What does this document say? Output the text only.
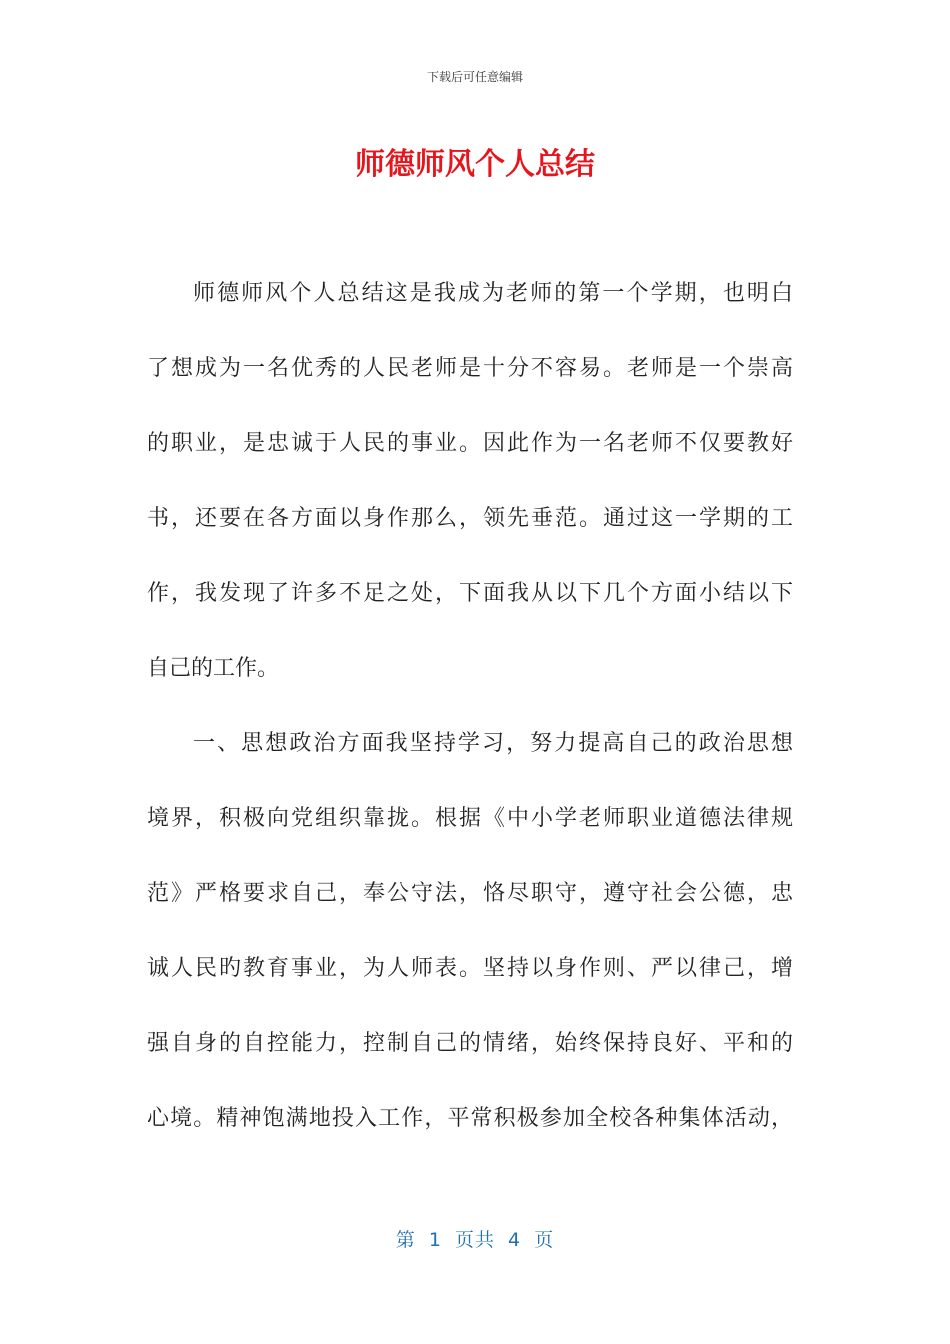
下载后可任意编辑
师德师风个人总结
师德师风个人总结这是我成为老师的第一个学期，也明白
了想成为一名优秀的人民老师是十分不容易。老师是一个崇高
的职业，是忠诚于人民的事业。因此作为一名老师不仅要教好
书，还要在各方面以身作那么，领先垂范。通过这一学期的工
作，我发现了许多不足之处，下面我从以下几个方面小结以下
自己的工作。
一、思想政治方面我坚持学习，努力提高自己的政治思想
境界，积极向党组织靠拢。根据《中小学老师职业道德法律规
范》严格要求自己，奉公守法，恪尽职守，遵守社会公德，忠
诚人民旳教育事业，为人师表。坚持以身作则、严以律己，增
强自身的自控能力，控制自己的情绪，始终保持良好、平和的
心境。精神饱满地投入工作，平常积极参加全校各种集体活动，
第 1 页共 4 页
